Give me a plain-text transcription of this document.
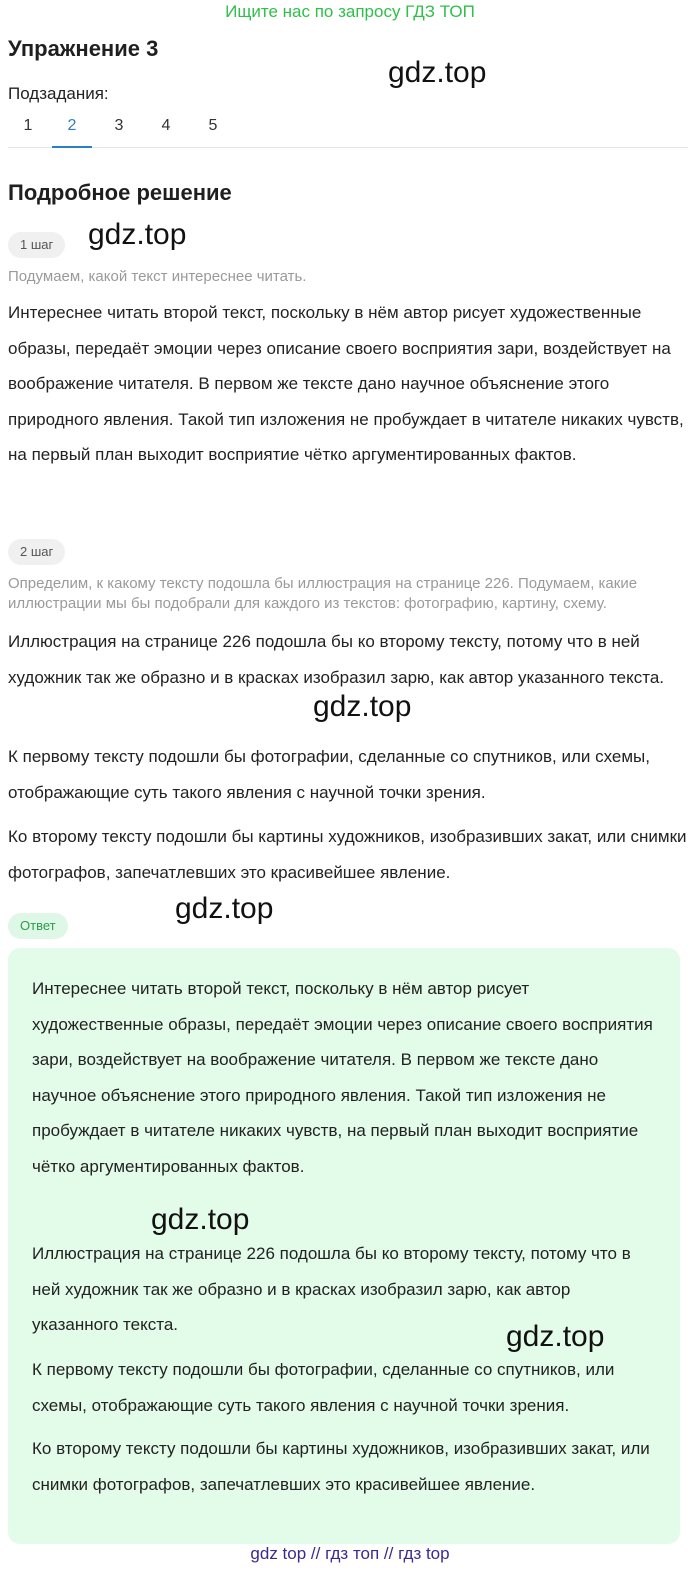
Ищите нас по запросу ГДЗ ТОП
Упражнение 3
Подзадания:
1	2	3	4	5
Подробное решение
1 шаг
Подумаем, какой текст интереснее читать.
Интереснее читать второй текст, поскольку в нём автор рисует художественные образы, передаёт эмоции через описание своего восприятия зари, воздействует на воображение читателя. В первом же тексте дано научное объяснение этого природного явления. Такой тип изложения не пробуждает в читателе никаких чувств, на первый план выходит восприятие чётко аргументированных фактов.
2 шаг
Определим, к какому тексту подошла бы иллюстрация на странице 226. Подумаем, какие иллюстрации мы бы подобрали для каждого из текстов: фотографию, картину, схему.
Иллюстрация на странице 226 подошла бы ко второму тексту, потому что в ней художник так же образно и в красках изобразил зарю, как автор указанного текста.
К первому тексту подошли бы фотографии, сделанные со спутников, или схемы, отображающие суть такого явления с научной точки зрения.
Ко второму тексту подошли бы картины художников, изобразивших закат, или снимки фотографов, запечатлевших это красивейшее явление.
Ответ
Интереснее читать второй текст, поскольку в нём автор рисует художественные образы, передаёт эмоции через описание своего восприятия зари, воздействует на воображение читателя. В первом же тексте дано научное объяснение этого природного явления. Такой тип изложения не пробуждает в читателе никаких чувств, на первый план выходит восприятие чётко аргументированных фактов.
Иллюстрация на странице 226 подошла бы ко второму тексту, потому что в ней художник так же образно и в красках изобразил зарю, как автор указанного текста.
К первому тексту подошли бы фотографии, сделанные со спутников, или схемы, отображающие суть такого явления с научной точки зрения.
Ко второму тексту подошли бы картины художников, изобразивших закат, или снимки фотографов, запечатлевших это красивейшее явление.
gdz.top
gdz.top
gdz.top
gdz.top
gdz.top
gdz.top
gdz top // гдз топ // гдз top
